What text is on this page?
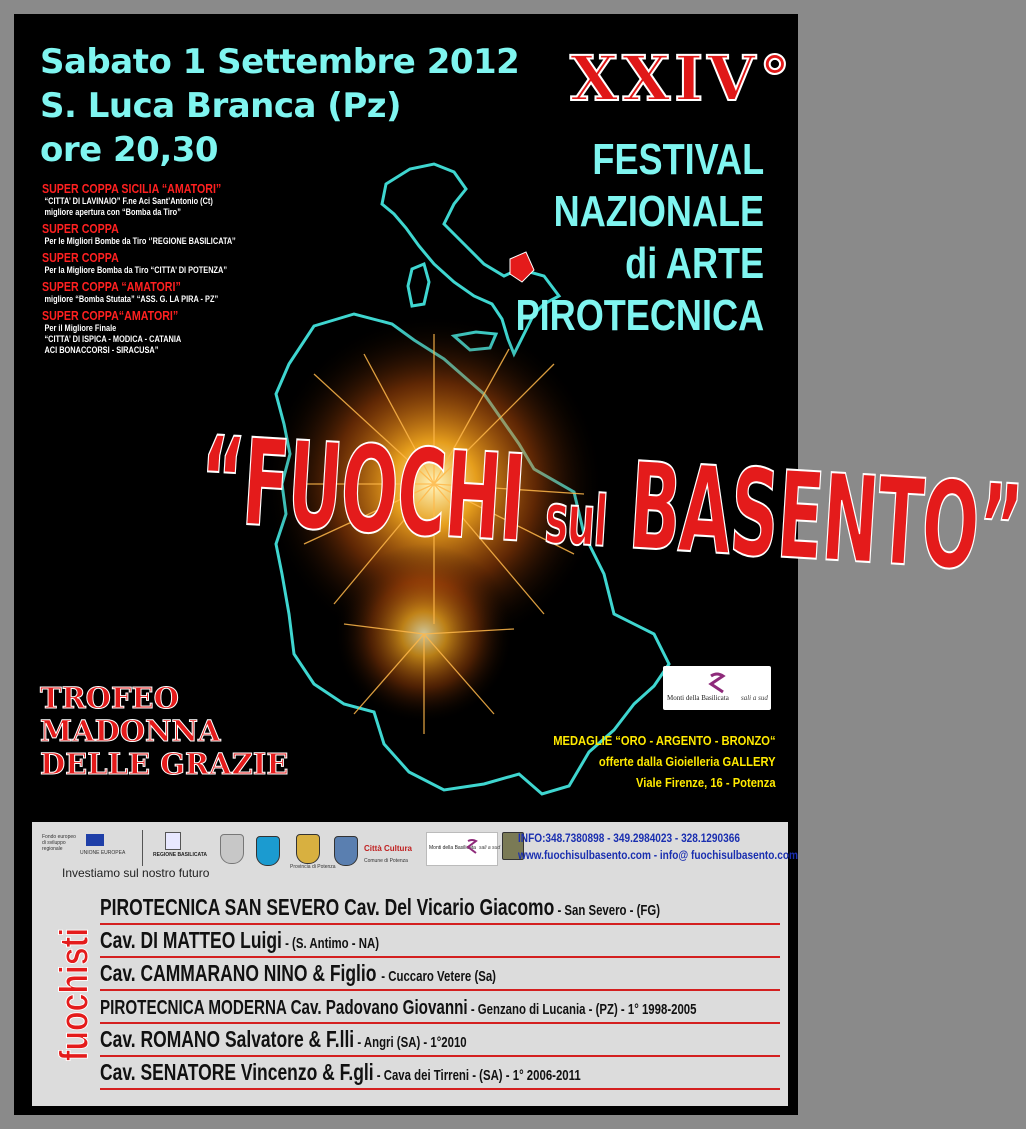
Sabato 1 Settembre 2012
S. Luca Branca (Pz)
ore 20,30
XXIV°
FESTIVAL
NAZIONALE
di ARTE
PIROTECNICA
SUPER COPPA SICILIA “AMATORI”
“CITTA’ DI LAVINAIO” F.ne Aci Sant’Antonio (Ct)
migliore apertura con “Bomba da Tiro”
SUPER COPPA
Per le Migliori Bombe da Tiro ‘’REGIONE BASILICATA’’
SUPER COPPA
Per la Migliore Bomba da Tiro “CITTA’ DI POTENZA”
SUPER COPPA “AMATORI”
migliore “Bomba Stutata” “ASS. G. LA PIRA - PZ”
SUPER COPPA“AMATORI”
Per il Migliore Finale
“CITTA’ DI ISPICA - MODICA - CATANIA
ACI BONACCORSI - SIRACUSA”
“FUOCHI sul BASENTO”
TROFEO
MADONNA
DELLE GRAZIE
Monti della Basilicata sali a sud
MEDAGLIE “ORO - ARGENTO - BRONZO“
offerte dalla Gioielleria GALLERY
Viale Firenze, 16 - Potenza
Fondo europeo di sviluppo regionale
UNIONE EUROPEA	REGIONE BASILICATA
Investiamo sul nostro futuro	Provincia di Potenza
Città Cultura
Comune di Potenza
Monti della Basilicata sali a sud
INFO:348.7380898 - 349.2984023 - 328.1290366
www.fuochisulbasento.com - info@ fuochisulbasento.com
fuochisti
PIROTECNICA SAN SEVERO Cav. Del Vicario Giacomo - San Severo - (FG)
Cav. DI MATTEO Luigi - (S. Antimo - NA)
Cav. CAMMARANO NINO & Figlio - Cuccaro Vetere (Sa)
PIROTECNICA MODERNA Cav. Padovano Giovanni - Genzano di Lucania - (PZ) - 1° 1998-2005
Cav. ROMANO Salvatore & F.lli - Angri (SA) - 1°2010
Cav. SENATORE Vincenzo & F.gli - Cava dei Tirreni - (SA) - 1° 2006-2011
